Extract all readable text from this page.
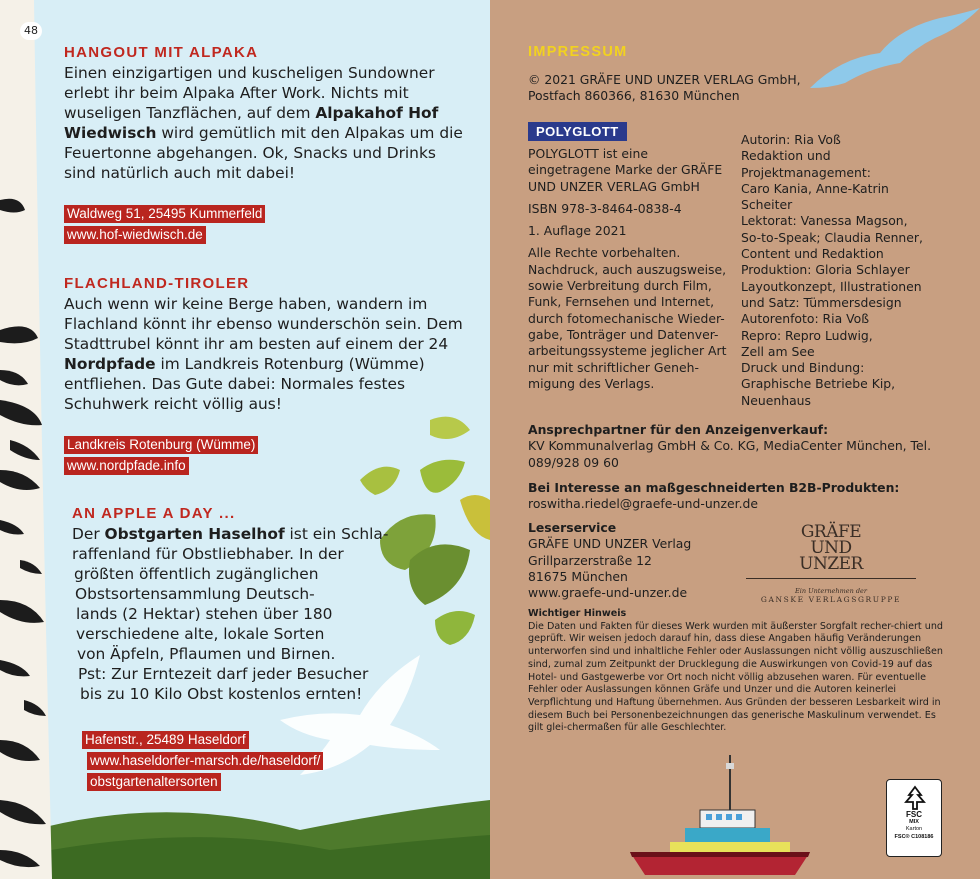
48
HANGOUT MIT ALPAKA

Einen einzigartigen und kuscheligen Sundowner erlebt ihr beim Alpaka After Work. Nichts mit wuseligen Tanzflächen, auf dem Alpakahof Hof Wiedwisch wird gemütlich mit den Alpakas um die Feuertonne abgehangen. Ok, Snacks und Drinks sind natürlich auch mit dabei!

Waldweg 51, 25495 Kummerfeld
www.hof-wiedwisch.de
FLACHLAND-TIROLER

Auch wenn wir keine Berge haben, wandern im Flachland könnt ihr ebenso wunderschön sein. Dem Stadttrubel könnt ihr am besten auf einem der 24 Nordpfade im Landkreis Rotenburg (Wümme) entfliehen. Das Gute dabei: Normales festes Schuhwerk reicht völlig aus!

Landkreis Rotenburg (Wümme)
www.nordpfade.info
AN APPLE A DAY ...

Der Obstgarten Haselhof ist ein Schla-
raffenland für Obstliebhaber. In der
größten öffentlich zugänglichen
Obstsortensammlung Deutsch-
lands (2 Hektar) stehen über 180
verschiedene alte, lokale Sorten
von Äpfeln, Pflaumen und Birnen.
Pst: Zur Erntezeit darf jeder Besucher
bis zu 10 Kilo Obst kostenlos ernten!

Hafenstr., 25489 Haseldorf
www.haseldorfer-marsch.de/haseldorf/
obstgartenaltersorten
IMPRESSUM
© 2021 GRÄFE UND UNZER VERLAG GmbH,
Postfach 860366, 81630 München
POLYGLOTT
POLYGLOTT ist eine eingetragene Marke der GRÄFE UND UNZER VERLAG GmbH
ISBN 978-3-8464-0838-4
1. Auflage 2021
Alle Rechte vorbehalten. Nachdruck, auch auszugsweise, sowie Verbreitung durch Film, Funk, Fernsehen und Internet, durch fotomechanische Wieder-gabe, Tonträger und Datenver-arbeitungssysteme jeglicher Art nur mit schriftlicher Geneh-migung des Verlags.
Autorin: Ria Voß
Redaktion und
Projektmanagement:
Caro Kania, Anne-Katrin
Scheiter
Lektorat: Vanessa Magson,
So-to-Speak; Claudia Renner,
Content und Redaktion
Produktion: Gloria Schlayer
Layoutkonzept, Illustrationen
und Satz: Tümmersdesign
Autorenfoto: Ria Voß
Repro: Repro Ludwig,
Zell am See
Druck und Bindung:
Graphische Betriebe Kip,
Neuenhaus
Ansprechpartner für den Anzeigenverkauf:
KV Kommunalverlag GmbH & Co. KG, MediaCenter München, Tel. 089/928 09 60
Bei Interesse an maßgeschneiderten B2B-Produkten:
roswitha.riedel@graefe-und-unzer.de
Leserservice
GRÄFE UND UNZER Verlag
Grillparzerstraße 12
81675 München
www.graefe-und-unzer.de
GRÄFE
UND
UNZER
Ein Unternehmen der
GANSKE VERLAGSGRUPPE
Wichtiger Hinweis
Die Daten und Fakten für dieses Werk wurden mit äußerster Sorgfalt recher-chiert und geprüft. Wir weisen jedoch darauf hin, dass diese Angaben häufig Veränderungen unterworfen sind und inhaltliche Fehler oder Auslassungen nicht völlig auszuschließen sind, zumal zum Zeitpunkt der Drucklegung die Auswirkungen von Covid-19 auf das Hotel- und Gastgewerbe vor Ort noch nicht völlig abzusehen waren. Für eventuelle Fehler oder Auslassungen können Gräfe und Unzer und die Autoren keinerlei Verpflichtung und Haftung übernehmen. Aus Gründen der besseren Lesbarkeit wird in diesem Buch bei Personenbezeichnungen das generische Maskulinum verwendet. Es gilt glei-chermaßen für alle Geschlechter.
FSC
MIX
Karton
FSC® C108186
